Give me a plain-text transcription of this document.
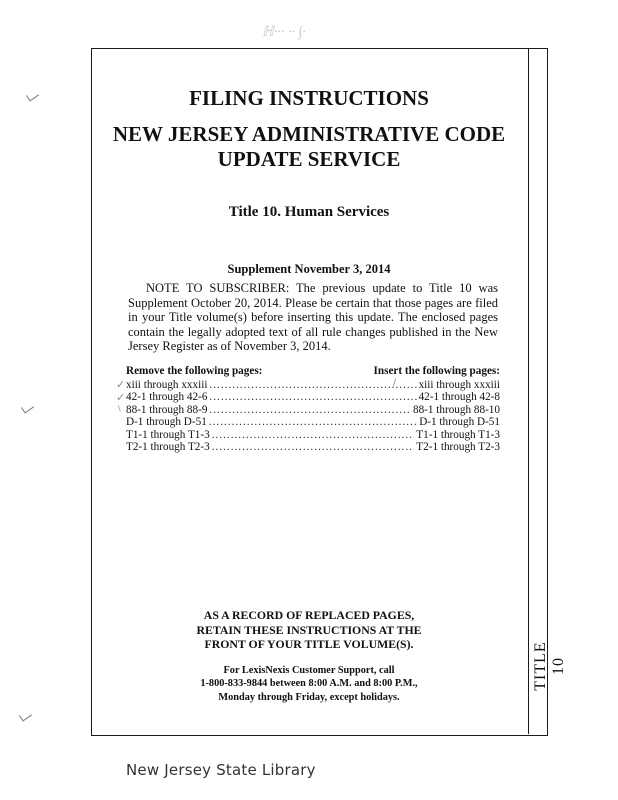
ℍ∙∙∙ ∙∙ ∫∙
TITLE 10
FILING INSTRUCTIONS
NEW JERSEY ADMINISTRATIVE CODE
UPDATE SERVICE
Title 10. Human Services
Supplement November 3, 2014
NOTE TO SUBSCRIBER: The previous update to Title 10 was Supplement October 20, 2014. Please be certain that those pages are filed in your Title volume(s) before inserting this update. The enclosed pages contain the legally adopted text of all rule changes published in the New Jersey Register as of November 3, 2014.
Remove the following pages:	Insert the following pages:
xiii through xxxiii .....	xiii through xxxiii
42-1 through 42-6 .....	42-1 through 42-8
88-1 through 88-9 .....	88-1 through 88-10
D-1 through D-51 .....	D-1 through D-51
T1-1 through T1-3 .....	T1-1 through T1-3
T2-1 through T2-3 .....	T2-1 through T2-3
✓
✓
\
/
AS A RECORD OF REPLACED PAGES,
RETAIN THESE INSTRUCTIONS AT THE
FRONT OF YOUR TITLE VOLUME(S).
For LexisNexis Customer Support, call
1-800-833-9844 between 8:00 A.M. and 8:00 P.M.,
Monday through Friday, except holidays.
New Jersey State Library
